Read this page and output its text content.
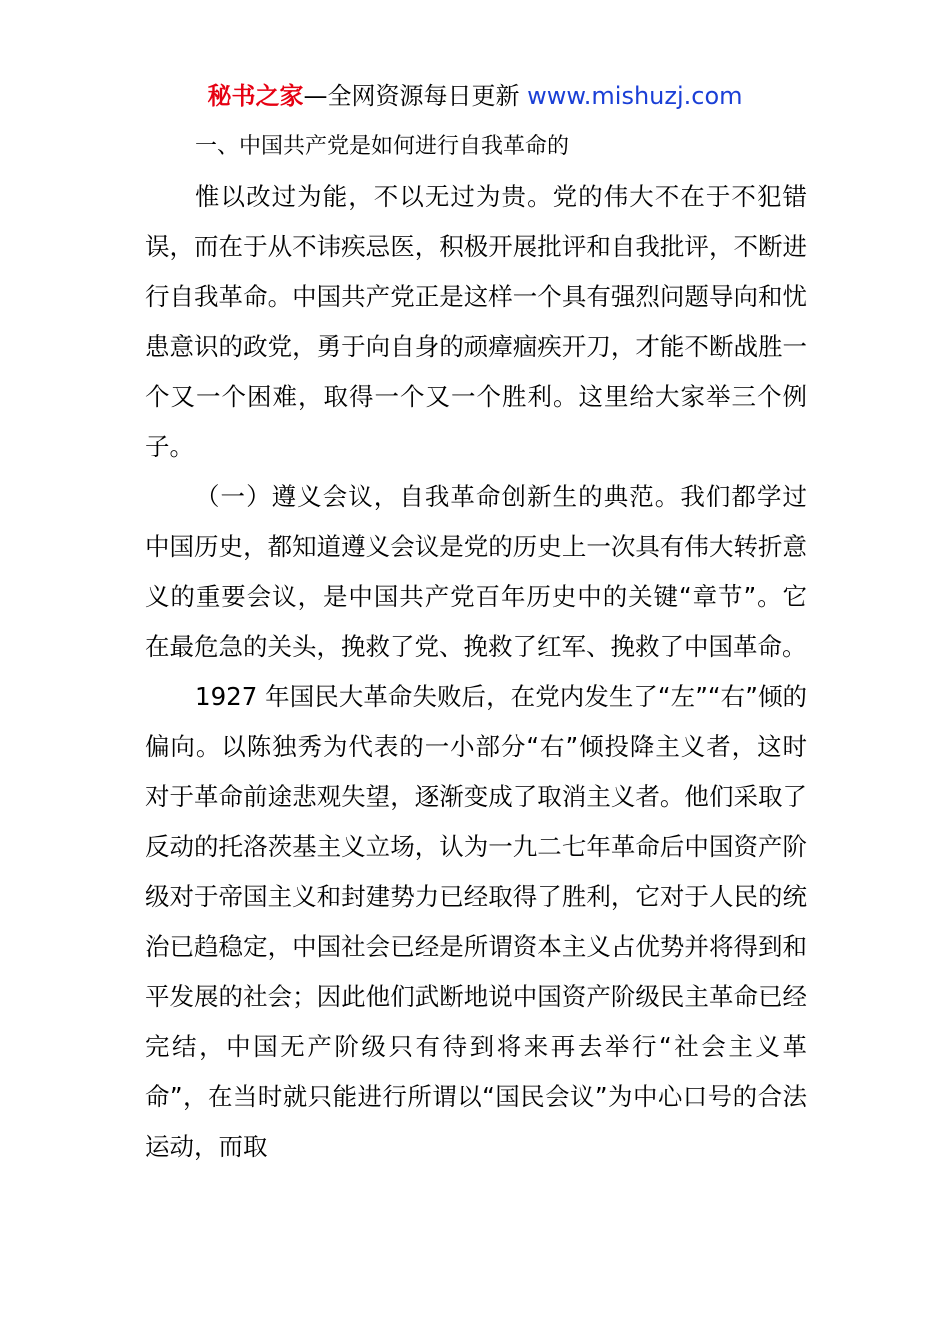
秘书之家—全网资源每日更新 www.mishuzj.com
一、中国共产党是如何进行自我革命的

惟以改过为能，不以无过为贵。党的伟大不在于不犯错误，而在于从不讳疾忌医，积极开展批评和自我批评，不断进行自我革命。中国共产党正是这样一个具有强烈问题导向和忧患意识的政党，勇于向自身的顽瘴痼疾开刀，才能不断战胜一个又一个困难，取得一个又一个胜利。这里给大家举三个例子。

（一）遵义会议，自我革命创新生的典范。我们都学过中国历史，都知道遵义会议是党的历史上一次具有伟大转折意义的重要会议，是中国共产党百年历史中的关键“章节”。它在最危急的关头，挽救了党、挽救了红军、挽救了中国革命。

1927 年国民大革命失败后，在党内发生了“左”“右”倾的偏向。以陈独秀为代表的一小部分“右”倾投降主义者，这时对于革命前途悲观失望，逐渐变成了取消主义者。他们采取了反动的托洛茨基主义立场，认为一九二七年革命后中国资产阶级对于帝国主义和封建势力已经取得了胜利，它对于人民的统治已趋稳定，中国社会已经是所谓资本主义占优势并将得到和平发展的社会；因此他们武断地说中国资产阶级民主革命已经完结，中国无产阶级只有待到将来再去举行“社会主义革命”，在当时就只能进行所谓以“国民会议”为中心口号的合法运动，而取
